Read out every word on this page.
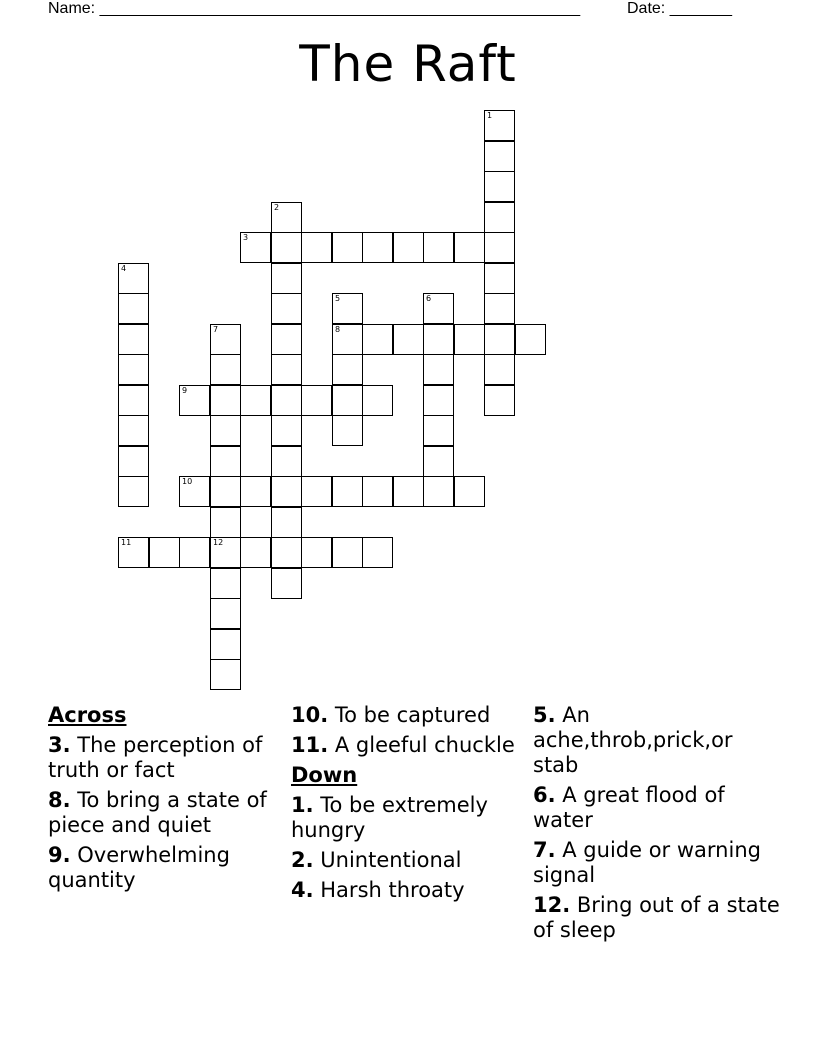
Name: ______________________________________________________	Date: _______
The Raft
3
8
9
10
11	12
1
2
4
5	6
7
Across

3. The perception of truth or fact

8. To bring a state of piece and quiet

9. Overwhelming quantity

10. To be captured

11. A gleeful chuckle

Down

1. To be extremely hungry

2. Unintentional

4. Harsh throaty

5. An ache,throb,prick,or stab

6. A great flood of water

7. A guide or warning signal

12. Bring out of a state of sleep
